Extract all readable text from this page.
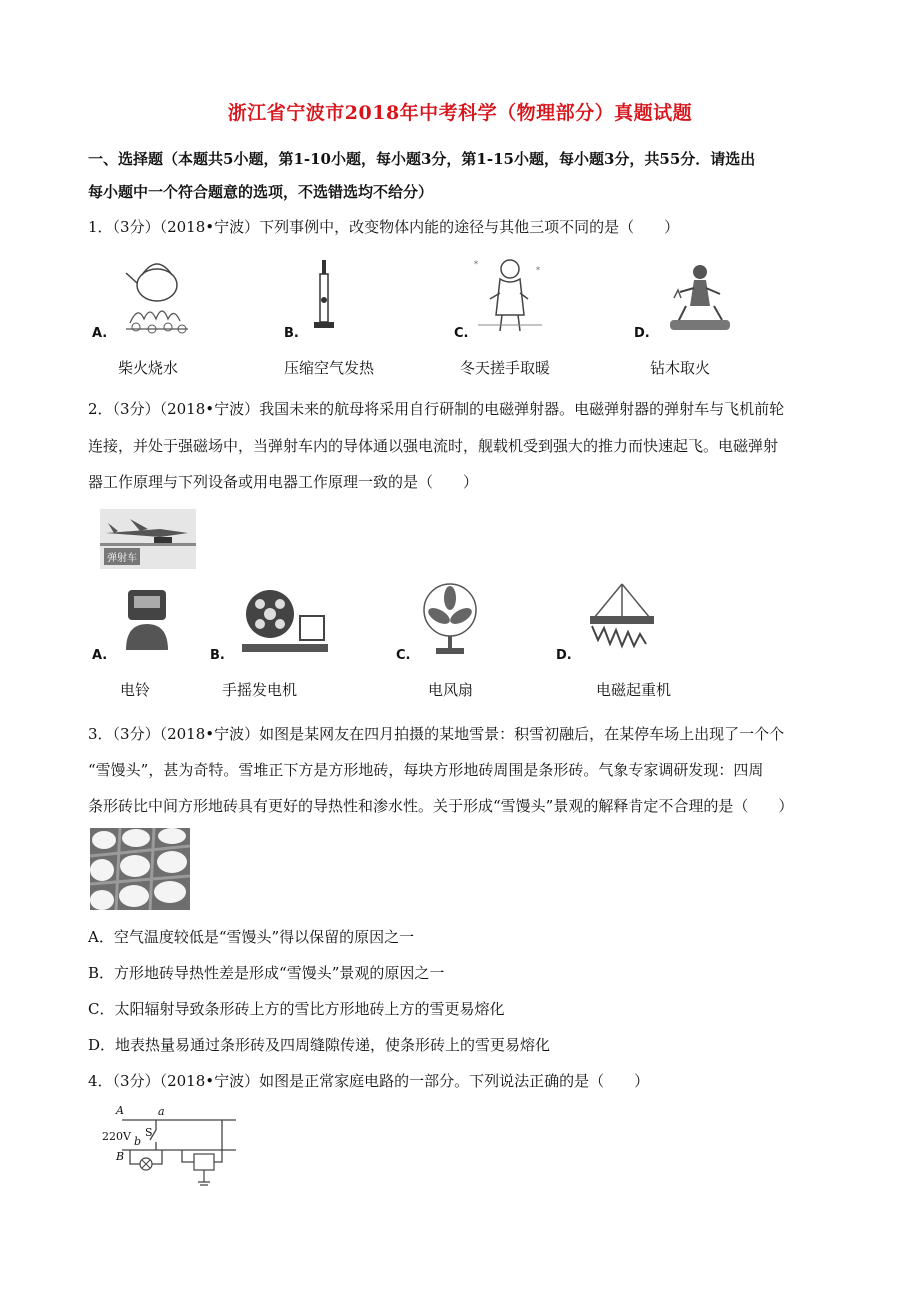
浙江省宁波市2018年中考科学（物理部分）真题试题
一、选择题（本题共5小题，第1-10小题，每小题3分，第1-15小题，每小题3分，共55分．请选出
每小题中一个符合题意的选项，不选错选均不给分）
1．（3分）（2018•宁波）下列事例中，改变物体内能的途径与其他三项不同的是（　　）
A.
柴火烧水
B.
压缩空气发热
*
*
C.
冬天搓手取暖
D.
钻木取火
2．（3分）（2018•宁波）我国未来的航母将采用自行研制的电磁弹射器。电磁弹射器的弹射车与飞机前轮
连接，并处于强磁场中，当弹射车内的导体通以强电流时，舰载机受到强大的推力而快速起飞。电磁弹射
器工作原理与下列设备或用电器工作原理一致的是（　　）
弹射车
A.
电铃
B.
手摇发电机
C.
电风扇
D.
电磁起重机
3．（3分）（2018•宁波）如图是某网友在四月拍摄的某地雪景：积雪初融后，在某停车场上出现了一个个
“雪馒头”，甚为奇特。雪堆正下方是方形地砖，每块方形地砖周围是条形砖。气象专家调研发现：四周
条形砖比中间方形地砖具有更好的导热性和渗水性。关于形成“雪馒头”景观的解释肯定不合理的是（　　）
A．空气温度较低是“雪馒头”得以保留的原因之一
B．方形地砖导热性差是形成“雪馒头”景观的原因之一
C．太阳辐射导致条形砖上方的雪比方形地砖上方的雪更易熔化
D．地表热量易通过条形砖及四周缝隙传递，使条形砖上的雪更易熔化
4．（3分）（2018•宁波）如图是正常家庭电路的一部分。下列说法正确的是（　　）
A	a
220V b
S
B
